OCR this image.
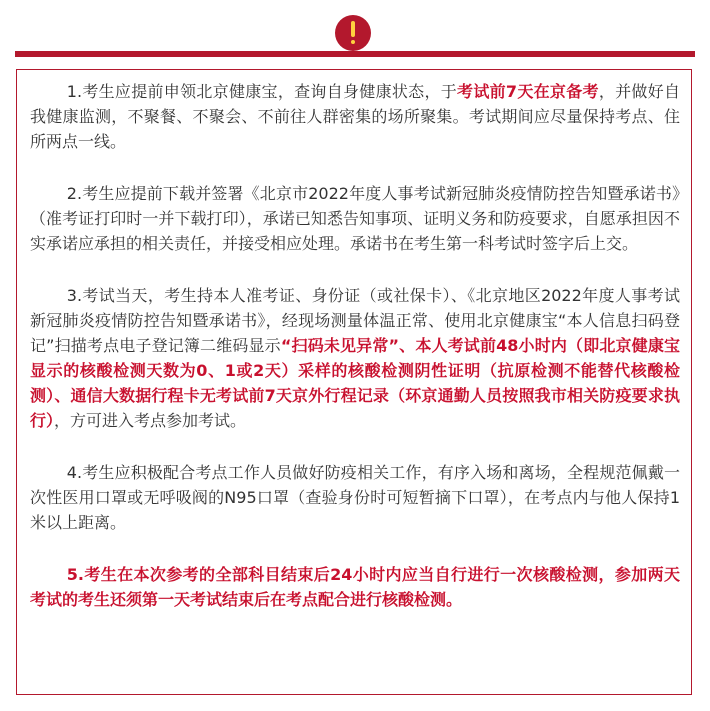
1.考生应提前申领北京健康宝，查询自身健康状态，于考试前7天在京备考，并做好自我健康监测，不聚餐、不聚会、不前往人群密集的场所聚集。考试期间应尽量保持考点、住所两点一线。

2.考生应提前下载并签署《北京市2022年度人事考试新冠肺炎疫情防控告知暨承诺书》（准考证打印时一并下载打印），承诺已知悉告知事项、证明义务和防疫要求，自愿承担因不实承诺应承担的相关责任，并接受相应处理。承诺书在考生第一科考试时签字后上交。

3.考试当天，考生持本人准考证、身份证（或社保卡）、《北京地区2022年度人事考试新冠肺炎疫情防控告知暨承诺书》，经现场测量体温正常、使用北京健康宝“本人信息扫码登记”扫描考点电子登记簿二维码显示“扫码未见异常”、本人考试前48小时内（即北京健康宝显示的核酸检测天数为0、1或2天）采样的核酸检测阴性证明（抗原检测不能替代核酸检测）、通信大数据行程卡无考试前7天京外行程记录（环京通勤人员按照我市相关防疫要求执行），方可进入考点参加考试。

4.考生应积极配合考点工作人员做好防疫相关工作，有序入场和离场，全程规范佩戴一次性医用口罩或无呼吸阀的N95口罩（查验身份时可短暂摘下口罩），在考点内与他人保持1米以上距离。

5.考生在本次参考的全部科目结束后24小时内应当自行进行一次核酸检测，参加两天考试的考生还须第一天考试结束后在考点配合进行核酸检测。
